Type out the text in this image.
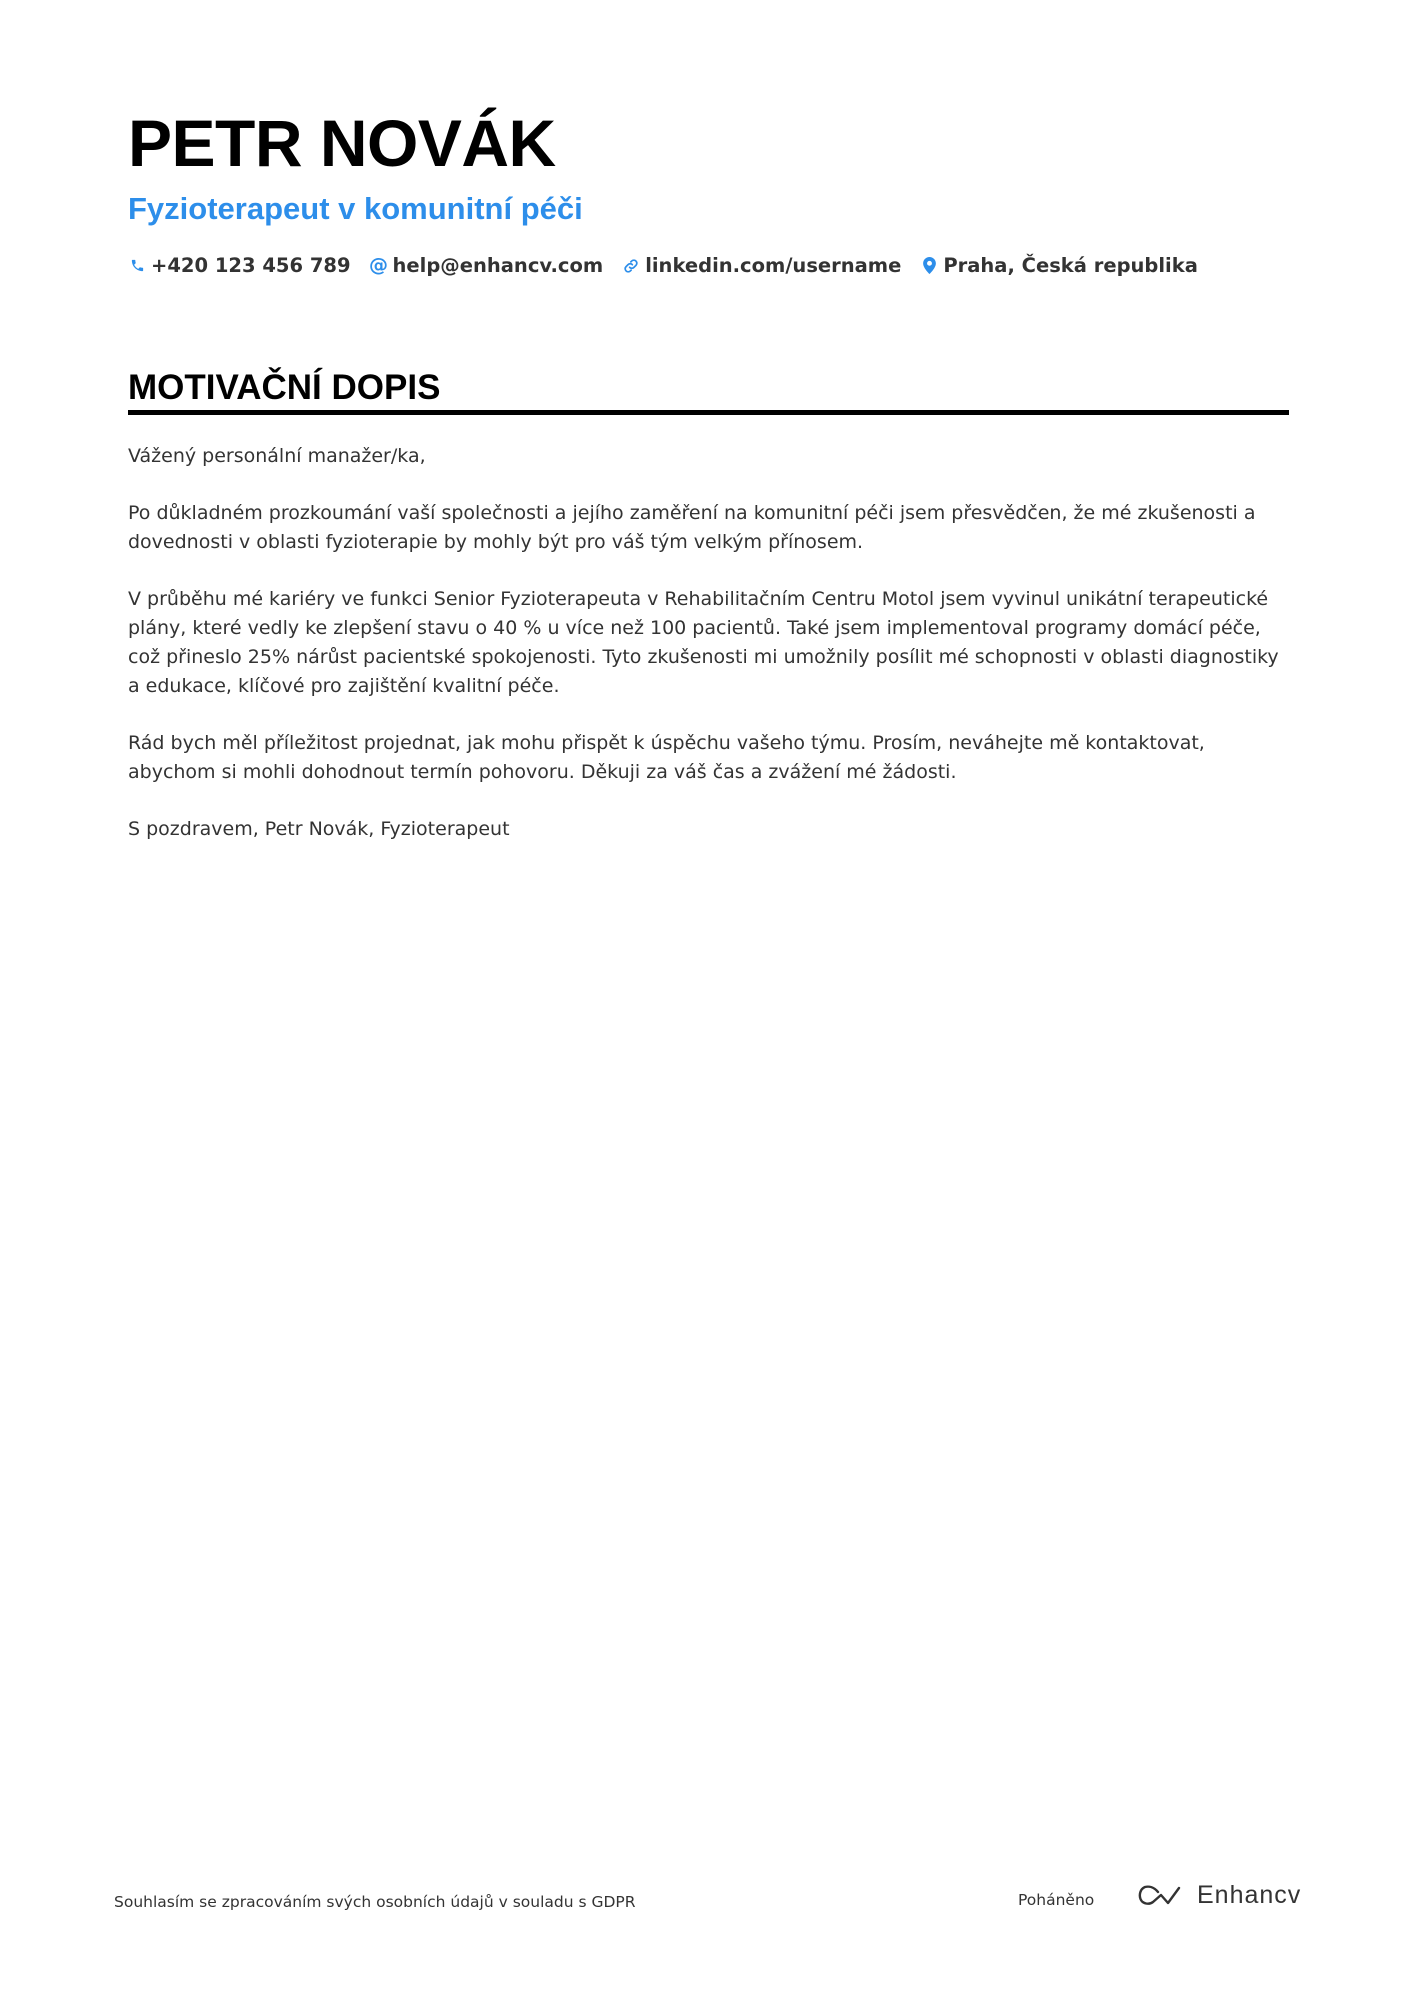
PETR NOVÁK
Fyzioterapeut v komunitní péči
+420 123 456 789 @ help@enhancv.com linkedin.com/username Praha, Česká republika
MOTIVAČNÍ DOPIS

Vážený personální manažer/ka,

Po důkladném prozkoumání vaší společnosti a jejího zaměření na komunitní péči jsem přesvědčen, že mé zkušenosti a dovednosti v oblasti fyzioterapie by mohly být pro váš tým velkým přínosem.

V průběhu mé kariéry ve funkci Senior Fyzioterapeuta v Rehabilitačním Centru Motol jsem vyvinul unikátní terapeutické plány, které vedly ke zlepšení stavu o 40 % u více než 100 pacientů. Také jsem implementoval programy domácí péče, což přineslo 25% nárůst pacientské spokojenosti. Tyto zkušenosti mi umožnily posílit mé schopnosti v oblasti diagnostiky a edukace, klíčové pro zajištění kvalitní péče.

Rád bych měl příležitost projednat, jak mohu přispět k úspěchu vašeho týmu. Prosím, neváhejte mě kontaktovat, abychom si mohli dohodnout termín pohovoru. Děkuji za váš čas a zvážení mé žádosti.

S pozdravem, Petr Novák, Fyzioterapeut

Souhlasím se zpracováním svých osobních údajů v souladu s GDPR	Poháněno	Enhancv
